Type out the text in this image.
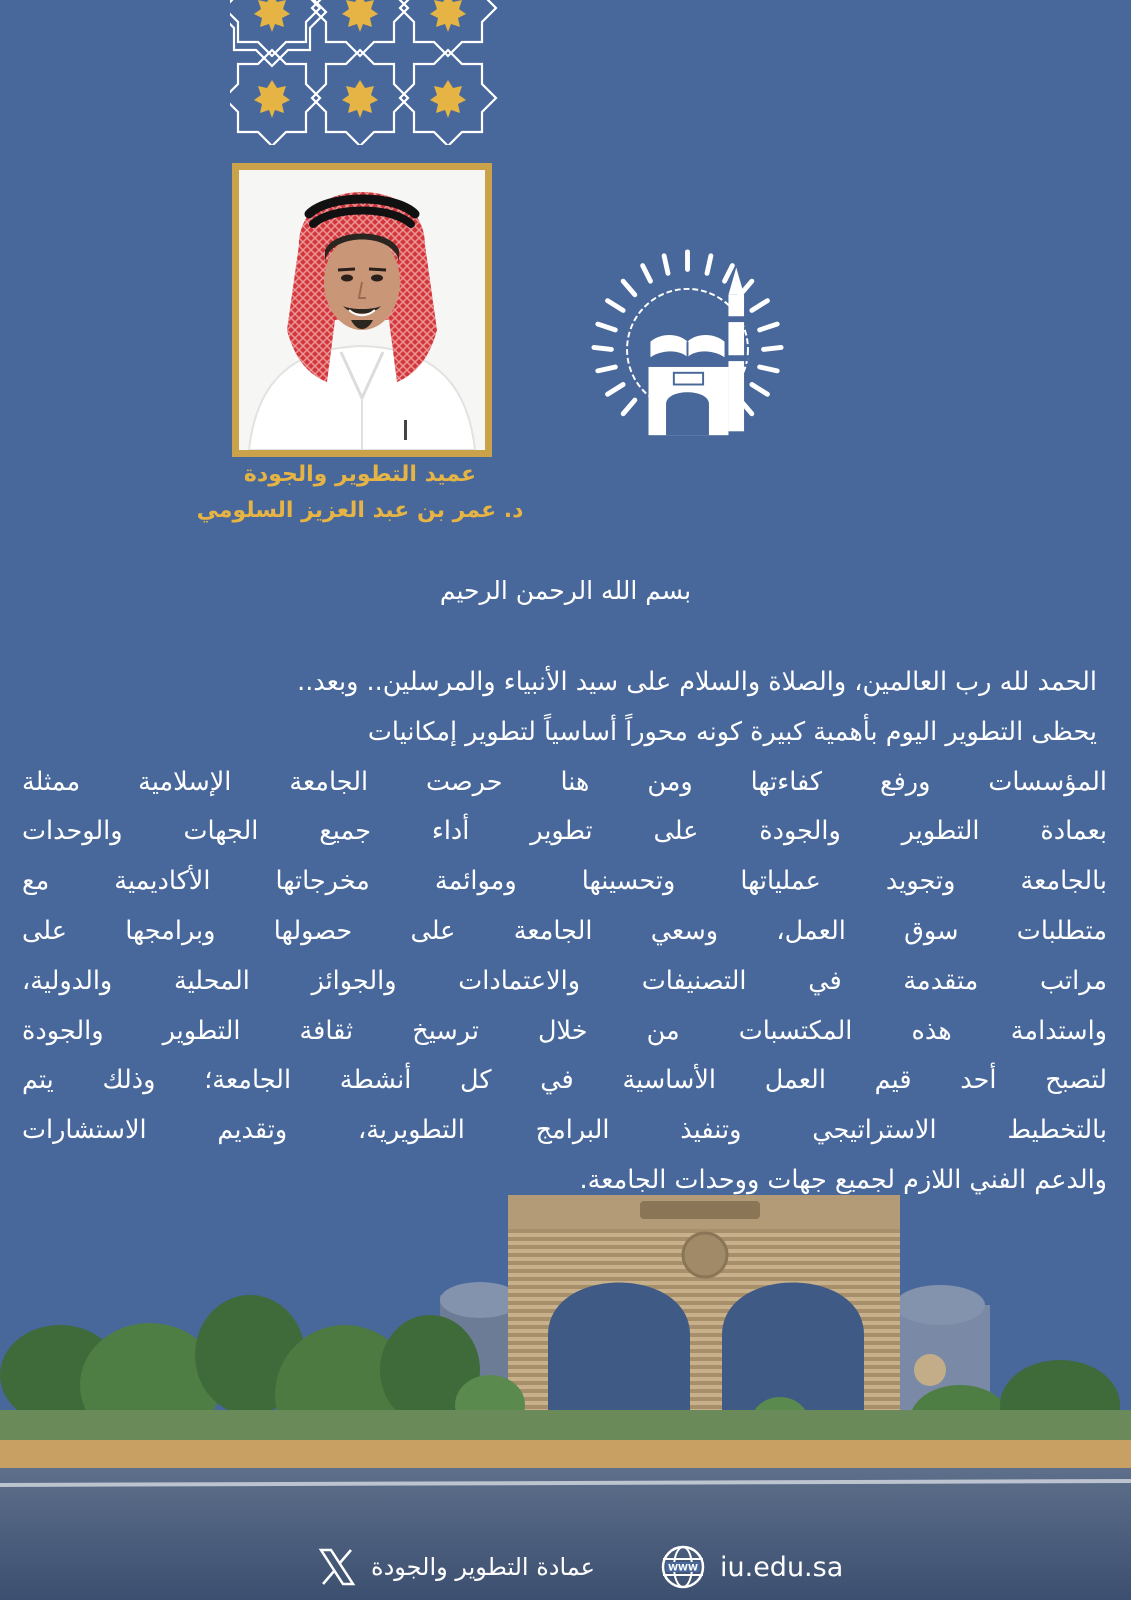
عميد التطوير والجودة
د. عمر بن عبد العزيز السلومي
بسم الله الرحمن الرحيم
الحمد لله رب العالمين، والصلاة والسلام على سيد الأنبياء والمرسلين.. وبعد..
يحظى التطوير اليوم بأهمية كبيرة كونه محوراً أساسياً لتطوير إمكانيات
المؤسسات ورفع كفاءتها ومن هنا حرصت الجامعة الإسلامية ممثلة
بعمادة التطوير والجودة على تطوير أداء جميع الجهات والوحدات
بالجامعة وتجويد عملياتها وتحسينها وموائمة مخرجاتها الأكاديمية مع
متطلبات سوق العمل، وسعي الجامعة على حصولها وبرامجها على
مراتب متقدمة في التصنيفات والاعتمادات والجوائز المحلية والدولية،
واستدامة هذه المكتسبات من خلال ترسيخ ثقافة التطوير والجودة
لتصبح أحد قيم العمل الأساسية في كل أنشطة الجامعة؛ وذلك يتم
بالتخطيط الاستراتيجي وتنفيذ البرامج التطويرية، وتقديم الاستشارات
والدعم الفني اللازم لجميع جهات ووحدات الجامعة.
عمادة التطوير والجودة	WWW iu.edu.sa
